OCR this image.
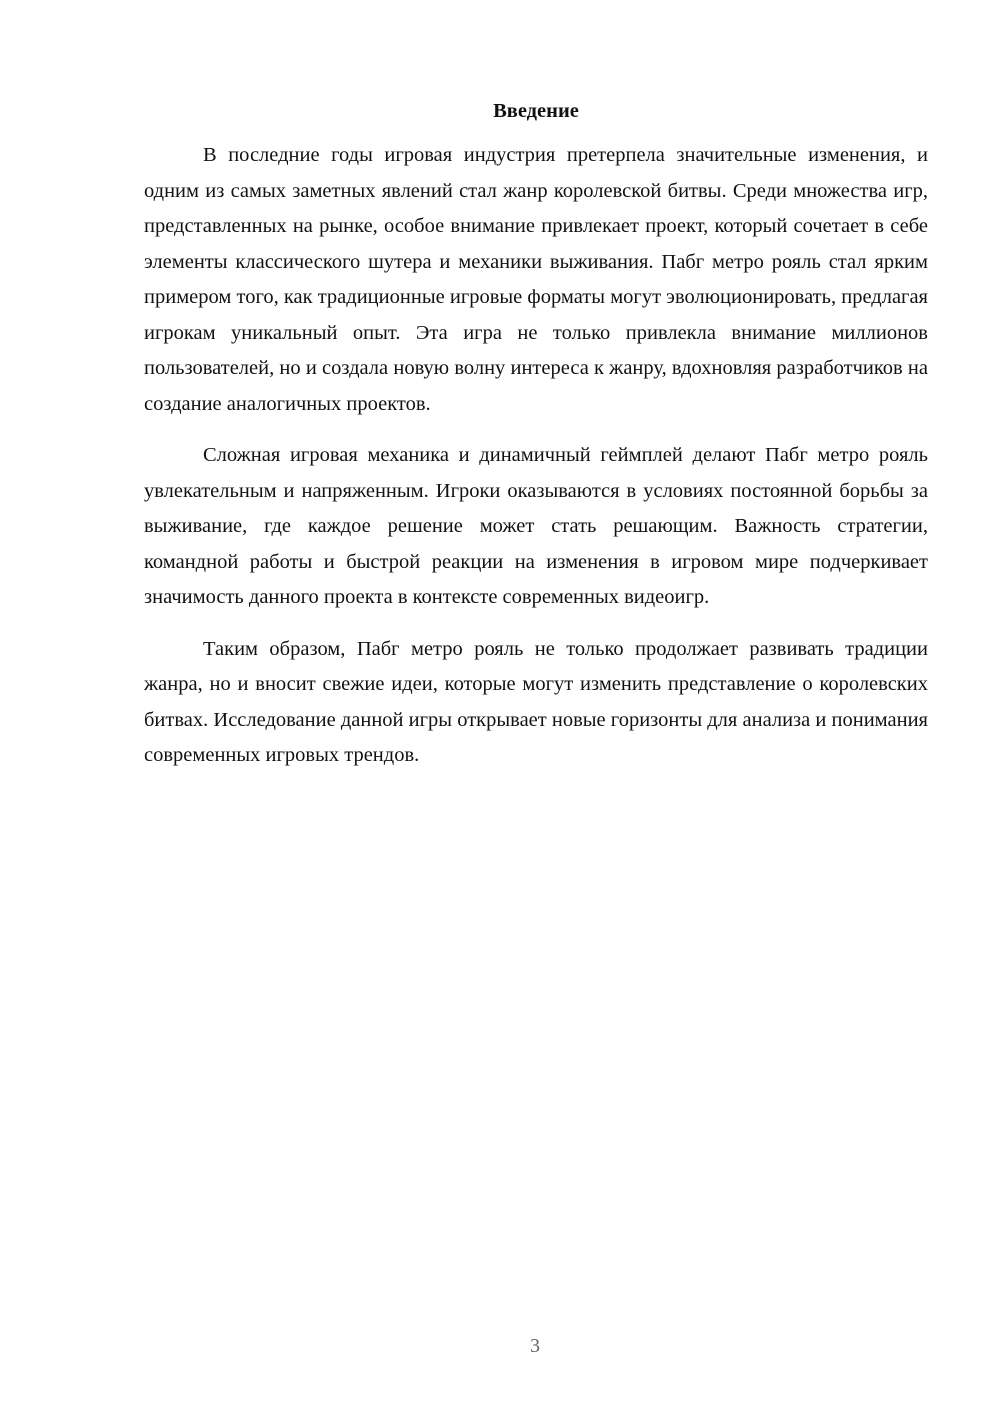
Введение

В последние годы игровая индустрия претерпела значительные изменения, и одним из самых заметных явлений стал жанр королевской битвы. Среди множества игр, представленных на рынке, особое внимание привлекает проект, который сочетает в себе элементы классического шутера и механики выживания. Пабг метро рояль стал ярким примером того, как традиционные игровые форматы могут эволюционировать, предлагая игрокам уникальный опыт. Эта игра не только привлекла внимание миллионов пользователей, но и создала новую волну интереса к жанру, вдохновляя разработчиков на создание аналогичных проектов.

Сложная игровая механика и динамичный геймплей делают Пабг метро рояль увлекательным и напряженным. Игроки оказываются в условиях постоянной борьбы за выживание, где каждое решение может стать решающим. Важность стратегии, командной работы и быстрой реакции на изменения в игровом мире подчеркивает значимость данного проекта в контексте современных видеоигр.

Таким образом, Пабг метро рояль не только продолжает развивать традиции жанра, но и вносит свежие идеи, которые могут изменить представление о королевских битвах. Исследование данной игры открывает новые горизонты для анализа и понимания современных игровых трендов.

3
